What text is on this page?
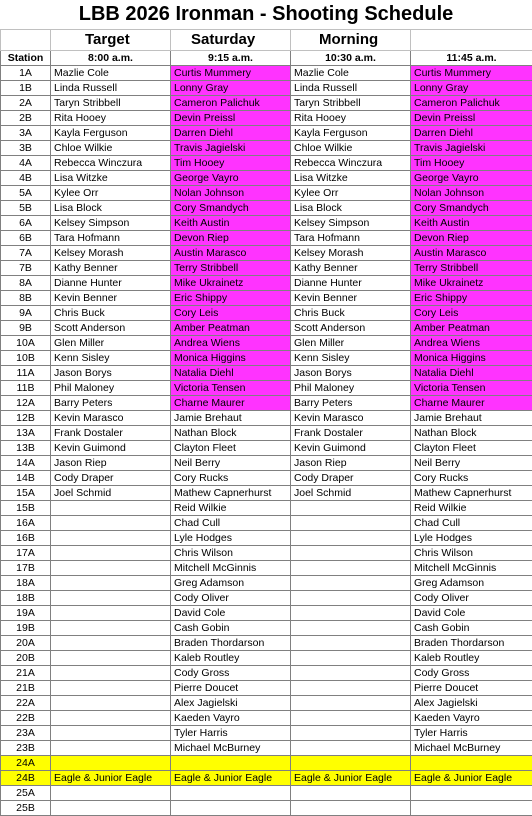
LBB 2026 Ironman - Shooting Schedule
	Target	Saturday	Morning	
Station	8:00 a.m.	9:15 a.m.	10:30 a.m.	11:45 a.m.
1A	Mazlie Cole	Curtis Mummery	Mazlie Cole	Curtis Mummery
1B	Linda Russell	Lonny Gray	Linda Russell	Lonny Gray
2A	Taryn Stribbell	Cameron Palichuk	Taryn Stribbell	Cameron Palichuk
2B	Rita Hooey	Devin Preissl	Rita Hooey	Devin Preissl
3A	Kayla Ferguson	Darren Diehl	Kayla Ferguson	Darren Diehl
3B	Chloe Wilkie	Travis Jagielski	Chloe Wilkie	Travis Jagielski
4A	Rebecca Winczura	Tim Hooey	Rebecca Winczura	Tim Hooey
4B	Lisa Witzke	George Vayro	Lisa Witzke	George Vayro
5A	Kylee Orr	Nolan Johnson	Kylee Orr	Nolan Johnson
5B	Lisa Block	Cory Smandych	Lisa Block	Cory Smandych
6A	Kelsey Simpson	Keith Austin	Kelsey Simpson	Keith Austin
6B	Tara Hofmann	Devon Riep	Tara Hofmann	Devon Riep
7A	Kelsey Morash	Austin Marasco	Kelsey Morash	Austin Marasco
7B	Kathy Benner	Terry Stribbell	Kathy Benner	Terry Stribbell
8A	Dianne Hunter	Mike Ukrainetz	Dianne Hunter	Mike Ukrainetz
8B	Kevin Benner	Eric Shippy	Kevin Benner	Eric Shippy
9A	Chris Buck	Cory Leis	Chris Buck	Cory Leis
9B	Scott Anderson	Amber Peatman	Scott Anderson	Amber Peatman
10A	Glen Miller	Andrea Wiens	Glen Miller	Andrea Wiens
10B	Kenn Sisley	Monica Higgins	Kenn Sisley	Monica Higgins
11A	Jason Borys	Natalia Diehl	Jason Borys	Natalia Diehl
11B	Phil Maloney	Victoria Tensen	Phil Maloney	Victoria Tensen
12A	Barry Peters	Charne Maurer	Barry Peters	Charne Maurer
12B	Kevin Marasco	Jamie Brehaut	Kevin Marasco	Jamie Brehaut
13A	Frank Dostaler	Nathan Block	Frank Dostaler	Nathan Block
13B	Kevin Guimond	Clayton Fleet	Kevin Guimond	Clayton Fleet
14A	Jason Riep	Neil Berry	Jason Riep	Neil Berry
14B	Cody Draper	Cory Rucks	Cody Draper	Cory Rucks
15A	Joel Schmid	Mathew Capnerhurst	Joel Schmid	Mathew Capnerhurst
15B		Reid Wilkie		Reid Wilkie
16A		Chad Cull		Chad Cull
16B		Lyle Hodges		Lyle Hodges
17A		Chris Wilson		Chris Wilson
17B		Mitchell McGinnis		Mitchell McGinnis
18A		Greg Adamson		Greg Adamson
18B		Cody Oliver		Cody Oliver
19A		David Cole		David Cole
19B		Cash Gobin		Cash Gobin
20A		Braden Thordarson		Braden Thordarson
20B		Kaleb Routley		Kaleb Routley
21A		Cody Gross		Cody Gross
21B		Pierre Doucet		Pierre Doucet
22A		Alex Jagielski		Alex Jagielski
22B		Kaeden Vayro		Kaeden Vayro
23A		Tyler Harris		Tyler Harris
23B		Michael McBurney		Michael McBurney
24A				
24B	Eagle & Junior Eagle	Eagle & Junior Eagle	Eagle & Junior Eagle	Eagle & Junior Eagle
25A				
25B				
